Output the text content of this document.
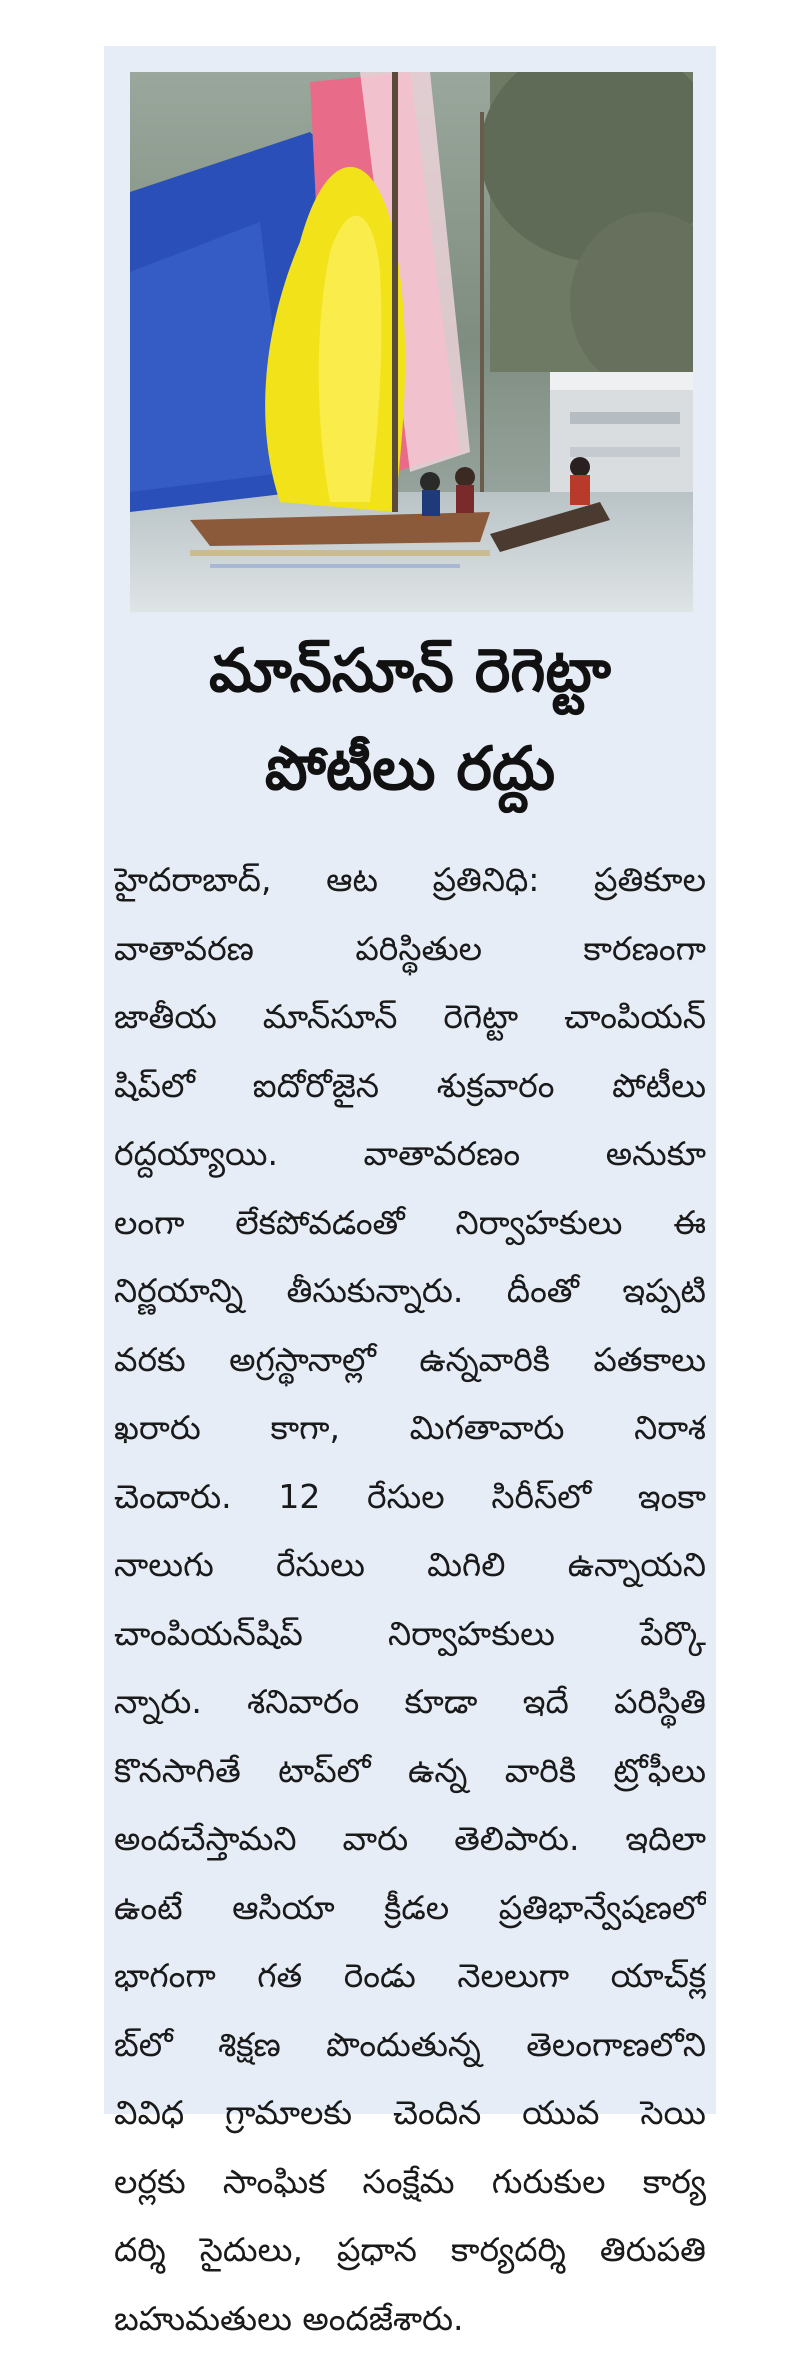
మాన్‌సూన్ రెగెట్టా
పోటీలు రద్దు
హైదరాబాద్, ఆట ప్రతినిధి: ప్రతికూల
వాతావరణ పరిస్థితుల కారణంగా
జాతీయ మాన్‌సూన్ రెగెట్టా చాంపియన్
షిప్‌లో ఐదోరోజైన శుక్రవారం పోటీలు
రద్దయ్యాయి. వాతావరణం అనుకూ
లంగా లేకపోవడంతో నిర్వాహకులు ఈ
నిర్ణయాన్ని తీసుకున్నారు. దీంతో ఇప్పటి
వరకు అగ్రస్థానాల్లో ఉన్నవారికి పతకాలు
ఖరారు కాగా, మిగతావారు నిరాశ
చెందారు. 12 రేసుల సిరీస్‌లో ఇంకా
నాలుగు రేసులు మిగిలి ఉన్నాయని
చాంపియన్‌షిప్ నిర్వాహకులు పేర్కొ
న్నారు. శనివారం కూడా ఇదే పరిస్థితి
కొనసాగితే టాప్‌లో ఉన్న వారికి ట్రోఫీలు
అందచేస్తామని వారు తెలిపారు. ఇదిలా
ఉంటే ఆసియా క్రీడల ప్రతిభాన్వేషణలో
భాగంగా గత రెండు నెలలుగా యాచ్‌క్ల
బ్‌లో శిక్షణ పొందుతున్న తెలంగాణలోని
వివిధ గ్రామాలకు చెందిన యువ సెయి
లర్లకు సాంఘిక సంక్షేమ గురుకుల కార్య
దర్శి సైదులు, ప్రధాన కార్యదర్శి తిరుపతి
బహుమతులు అందజేశారు.
